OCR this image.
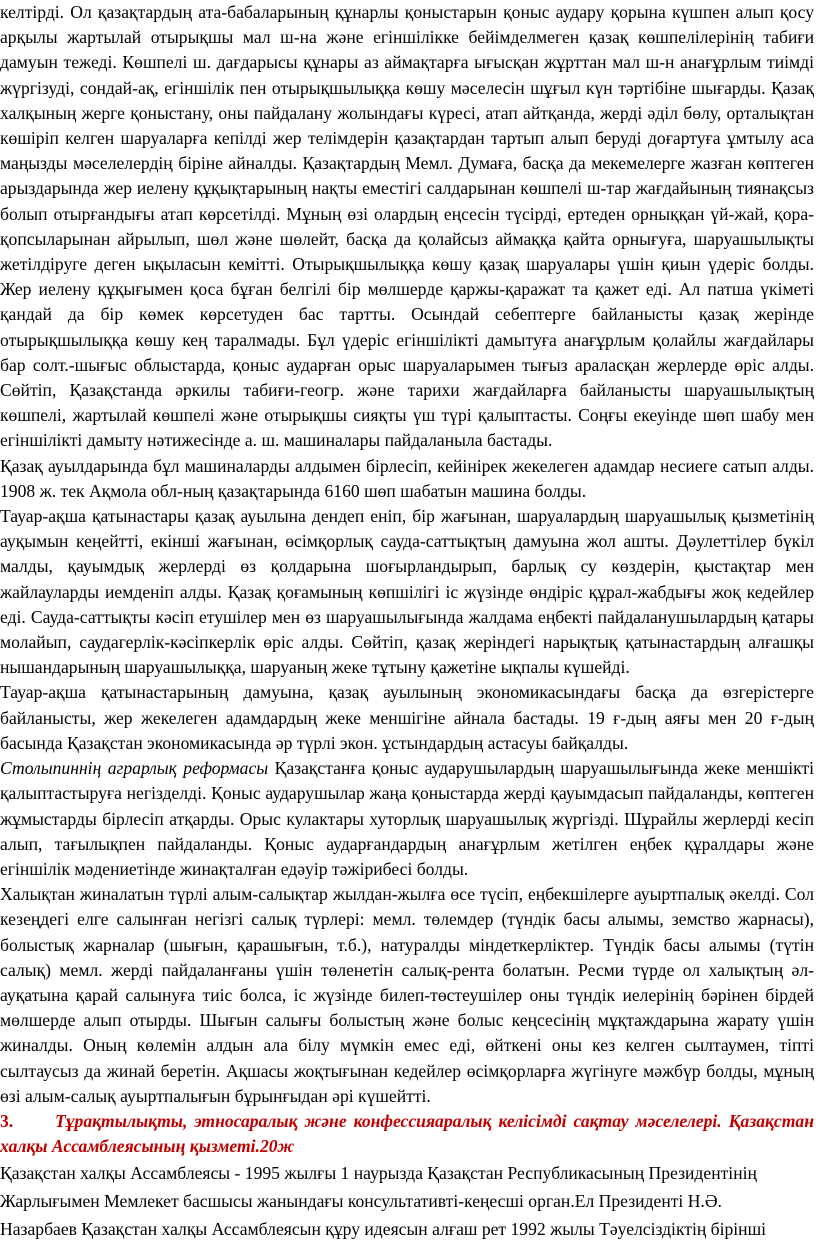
келтірді. Ол қазақтардың ата-бабаларының құнарлы қоныстарын қоныс аудару қорына күшпен алып қосу арқылы жартылай отырықшы мал ш-на және егіншілікке бейімделмеген қазақ көшпелілерінің табиғи дамуын тежеді. Көшпелі ш. дағдарысы құнары аз аймақтарға ығысқан жұрттан мал ш-н анағұрлым тиімді жүргізуді, сондай-ақ, егіншілік пен отырықшылыққа көшу мәселесін шұғыл күн тәртібіне шығарды. Қазақ халқының жерге қоныстану, оны пайдалану жолындағы күресі, атап айтқанда, жерді әділ бөлу, орталықтан көшіріп келген шаруаларға кепілді жер телімдерін қазақтардан тартып алып беруді доғартуға ұмтылу аса маңызды мәселелердің біріне айналды. Қазақтардың Мемл. Думаға, басқа да мекемелерге жазған көптеген арыздарында жер иелену құқықтарының нақты еместігі салдарынан көшпелі ш-тар жағдайының тиянақсыз болып отырғандығы атап көрсетілді. Мұның өзі олардың еңсесін түсірді, ертеден орныққан үй-жай, қора-қопсыларынан айрылып, шөл және шөлейт, басқа да қолайсыз аймаққа қайта орнығуға, шаруашылықты жетілдіруге деген ықыласын кемітті. Отырықшылыққа көшу қазақ шаруалары үшін қиын үдеріс болды. Жер иелену құқығымен қоса бұған белгілі бір мөлшерде қаржы-қаражат та қажет еді. Ал патша үкіметі қандай да бір көмек көрсетуден бас тартты. Осындай себептерге байланысты қазақ жерінде отырықшылыққа көшу кең таралмады. Бұл үдеріс егіншілікті дамытуға анағұрлым қолайлы жағдайлары бар солт.-шығыс облыстарда, қоныс аударған орыс шаруаларымен тығыз араласқан жерлерде өріс алды. Сөйтіп, Қазақстанда әркилы табиғи-геогр. және тарихи жағдайларға байланысты шаруашылықтың көшпелі, жартылай көшпелі және отырықшы сияқты үш түрі қалыптасты. Соңғы екеуінде шөп шабу мен егіншілікті дамыту нәтижесінде а. ш. машиналары пайдаланыла бастады.

Қазақ ауылдарында бұл машиналарды алдымен бірлесіп, кейінірек жекелеген адамдар несиеге сатып алды. 1908 ж. тек Ақмола обл-ның қазақтарында 6160 шөп шабатын машина болды.

Тауар-ақша қатынастары қазақ ауылына дендеп еніп, бір жағынан, шаруалардың шаруашылық қызметінің ауқымын кеңейтті, екінші жағынан, өсімқорлық сауда-саттықтың дамуына жол ашты. Дәулеттілер бүкіл малды, қауымдық жерлерді өз қолдарына шоғырландырып, барлық су көздерін, қыстақтар мен жайлауларды иемденіп алды. Қазақ қоғамының көпшілігі іс жүзінде өндіріс құрал-жабдығы жоқ кедейлер еді. Сауда-саттықты кәсіп етушілер мен өз шаруашылығында жалдама еңбекті пайдаланушылардың қатары молайып, саудагерлік-кәсіпкерлік өріс алды. Сөйтіп, қазақ жеріндегі нарықтық қатынастардың алғашқы нышандарының шаруашылыққа, шаруаның жеке тұтыну қажетіне ықпалы күшейді.

Тауар-ақша қатынастарының дамуына, қазақ ауылының экономикасындағы басқа да өзгерістерге байланысты, жер жекелеген адамдардың жеке меншігіне айнала бастады. 19 ғ-дың аяғы мен 20 ғ-дың басында Қазақстан экономикасында әр түрлі экон. ұстындардың астасуы байқалды.

Столыпиннің аграрлық реформасы Қазақстанға қоныс аударушылардың шаруашылығында жеке меншікті қалыптастыруға негізделді. Қоныс аударушылар жаңа қоныстарда жерді қауымдасып пайдаланды, көптеген жұмыстарды бірлесіп атқарды. Орыс кулактары хуторлық шаруашылық жүргізді. Шұрайлы жерлерді кесіп алып, тағылықпен пайдаланды. Қоныс аударғандардың анағұрлым жетілген еңбек құралдары және егіншілік мәдениетінде жинақталған едәуір тәжірибесі болды.

Халықтан жиналатын түрлі алым-салықтар жылдан-жылға өсе түсіп, еңбекшілерге ауыртпалық әкелді. Сол кезеңдегі елге салынған негізгі салық түрлері: мемл. төлемдер (түндік басы алымы, земство жарнасы), болыстық жарналар (шығын, қарашығын, т.б.), натуралды міндеткерліктер. Түндік басы алымы (түтін салық) мемл. жерді пайдаланғаны үшін төленетін салық-рента болатын. Ресми түрде ол халықтың әл-ауқатына қарай салынуға тиіс болса, іс жүзінде билеп-төстеушілер оны түндік иелерінің бәрінен бірдей мөлшерде алып отырды. Шығын салығы болыстың және болыс кеңсесінің мұқтаждарына жарату үшін жиналды. Оның көлемін алдын ала білу мүмкін емес еді, өйткені оны кез келген сылтаумен, тіпті сылтаусыз да жинай беретін. Ақшасы жоқтығынан кедейлер өсімқорларға жүгінуге мәжбүр болды, мұның өзі алым-салық ауыртпалығын бұрынғыдан әрі күшейтті.

3. Тұрақтылықты, этносаралық және конфессияаралық келісімді сақтау мәселелері. Қазақстан халқы Ассамблеясының қызметі.20ж

Қазақстан халқы Ассамблеясы - 1995 жылғы 1 наурызда Қазақстан Республикасының Президентінің
Жарлығымен Мемлекет басшысы жанындағы консультативті-кеңесші орган.Ел Президенті Н.Ә.
Назарбаев Қазақстан халқы Ассамблеясын құру идеясын алғаш рет 1992 жылы Тәуелсіздіктің бірінші
